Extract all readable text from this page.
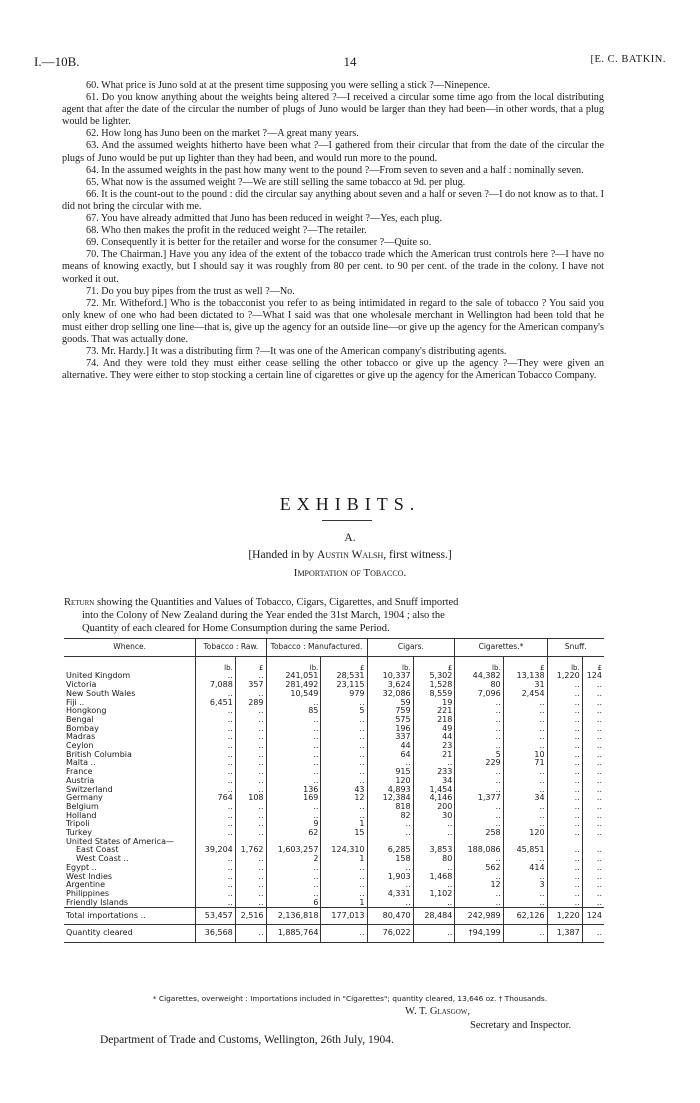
I.—10B.	14	[E. C. BATKIN.

60. What price is Juno sold at at the present time supposing you were selling a stick ?—Ninepence.

61. Do you know anything about the weights being altered ?—I received a circular some time ago from the local distributing agent that after the date of the circular the number of plugs of Juno would be larger than they had been—in other words, that a plug would be lighter.

62. How long has Juno been on the market ?—A great many years.

63. And the assumed weights hitherto have been what ?—I gathered from their circular that from the date of the circular the plugs of Juno would be put up lighter than they had been, and would run more to the pound.

64. In the assumed weights in the past how many went to the pound ?—From seven to seven and a half : nominally seven.

65. What now is the assumed weight ?—We are still selling the same tobacco at 9d. per plug.

66. It is the count-out to the pound : did the circular say anything about seven and a half or seven ?—I do not know as to that. I did not bring the circular with me.

67. You have already admitted that Juno has been reduced in weight ?—Yes, each plug.

68. Who then makes the profit in the reduced weight ?—The retailer.

69. Consequently it is better for the retailer and worse for the consumer ?—Quite so.

70. The Chairman.] Have you any idea of the extent of the tobacco trade which the American trust controls here ?—I have no means of knowing exactly, but I should say it was roughly from 80 per cent. to 90 per cent. of the trade in the colony. I have not worked it out.

71. Do you buy pipes from the trust as well ?—No.

72. Mr. Witheford.] Who is the tobacconist you refer to as being intimidated in regard to the sale of tobacco ? You said you only knew of one who had been dictated to ?—What I said was that one wholesale merchant in Wellington had been told that he must either drop selling one line—that is, give up the agency for an outside line—or give up the agency for the American company's goods. That was actually done.

73. Mr. Hardy.] It was a distributing firm ?—It was one of the American company's distributing agents.

74. And they were told they must either cease selling the other tobacco or give up the agency ?—They were given an alternative. They were either to stop stocking a certain line of cigarettes or give up the agency for the American Tobacco Company.

EXHIBITS.
A.
[Handed in by Austin Walsh, first witness.]
Importation of Tobacco.
Return showing the Quantities and Values of Tobacco, Cigars, Cigarettes, and Snuff imported
into the Colony of New Zealand during the Year ended the 31st March, 1904 ; also the
Quantity of each cleared for Home Consumption during the same Period.
Whence.	Tobacco : Raw.		Tobacco : Manufactured.		Cigars.		Cigarettes.*		Snuff.	
	lb.	£	lb.	£	lb.	£	lb.	£	lb.	£
United Kingdom	..	..	241,051	28,531	10,337	5,302	44,382	13,138	1,220	124
Victoria	7,088	357	281,492	23,115	3,624	1,528	80	31	..	..
New South Wales	..	..	10,549	979	32,086	8,559	7,096	2,454	..	..
Fiji ..	6,451	289	..	..	59	19	..	..	..	..
Hongkong	..	..	85	5	759	221	..	..	..	..
Bengal	..	..	..	..	575	218	..	..	..	..
Bombay	..	..	..	..	196	49	..	..	..	..
Madras	..	..	..	..	337	44	..	..	..	..
Ceylon	..	..	..	..	44	23	..	..	..	..
British Columbia	..	..	..	..	64	21	5	10	..	..
Malta ..	..	..	..	..	..	..	229	71	..	..
France	..	..	..	..	915	233	..	..	..	..
Austria	..	..	..	..	120	34	..	..	..	..
Switzerland	..	..	136	43	4,893	1,454	..	..	..	..
Germany	764	108	169	12	12,384	4,146	1,377	34	..	..
Belgium	..	..	..	..	818	200	..	..	..	..
Holland	..	..	..	..	82	30	..	..	..	..
Tripoli	..	..	9	1	..	..	..	..	..	..
Turkey	..	..	62	15	..	..	258	120	..	..
United States of America—										
East Coast	39,204	1,762	1,603,257	124,310	6,285	3,853	188,086	45,851	..	..
West Coast ..	..	..	2	1	158	80	..	..	..	..
Egypt ..	..	..	..	..	..	..	562	414	..	..
West Indies	..	..	..	..	1,903	1,468	..	..	..	..
Argentine	..	..	..	..	..	..	12	3	..	..
Philippines	..	..	..	..	4,331	1,102	..	..	..	..
Friendly Islands	..	..	6	1	..	..	..	..	..	..
Total importations ..	53,457	2,516	2,136,818	177,013	80,470	28,484	242,989	62,126	1,220	124
Quantity cleared	36,568	..	1,885,764	..	76,022	..	†94,199	..	1,387	..
* Cigarettes, overweight : Importations included in "Cigarettes"; quantity cleared, 13,646 oz. † Thousands.
W. T. Glasgow,
Secretary and Inspector.
Department of Trade and Customs, Wellington, 26th July, 1904.
